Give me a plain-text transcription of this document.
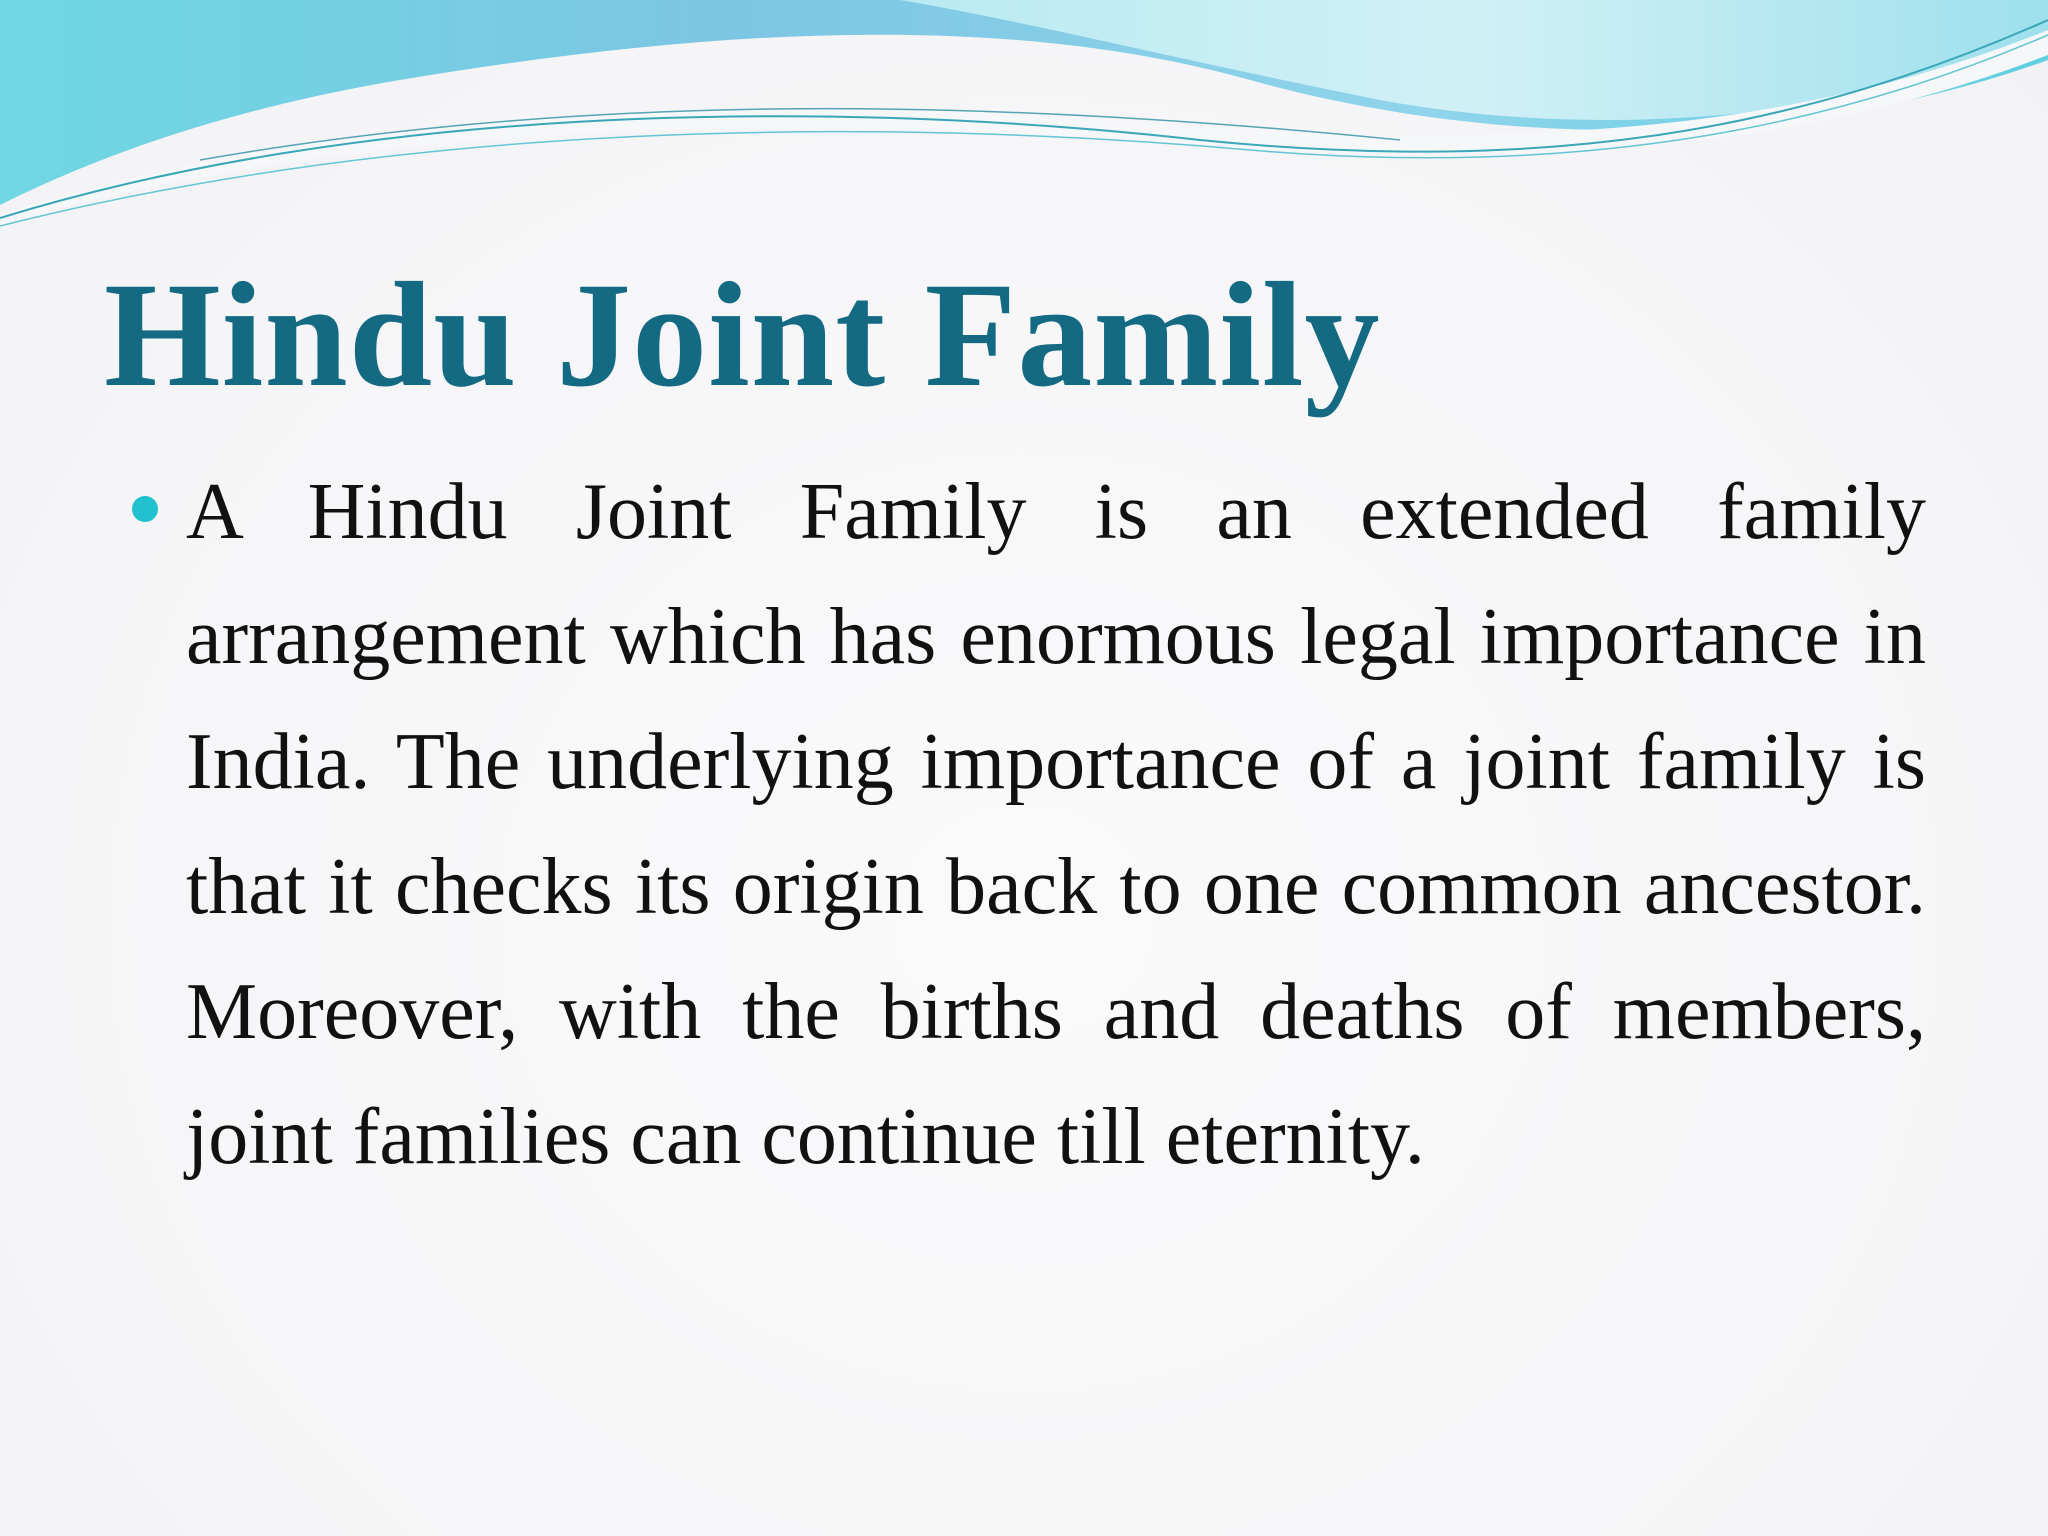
Hindu Joint Family
A Hindu Joint Family is an extended family arrangement which has enormous legal importance in India. The underlying importance of a joint family is that it checks its origin back to one common ancestor. Moreover, with the births and deaths of members, joint families can continue till eternity.
